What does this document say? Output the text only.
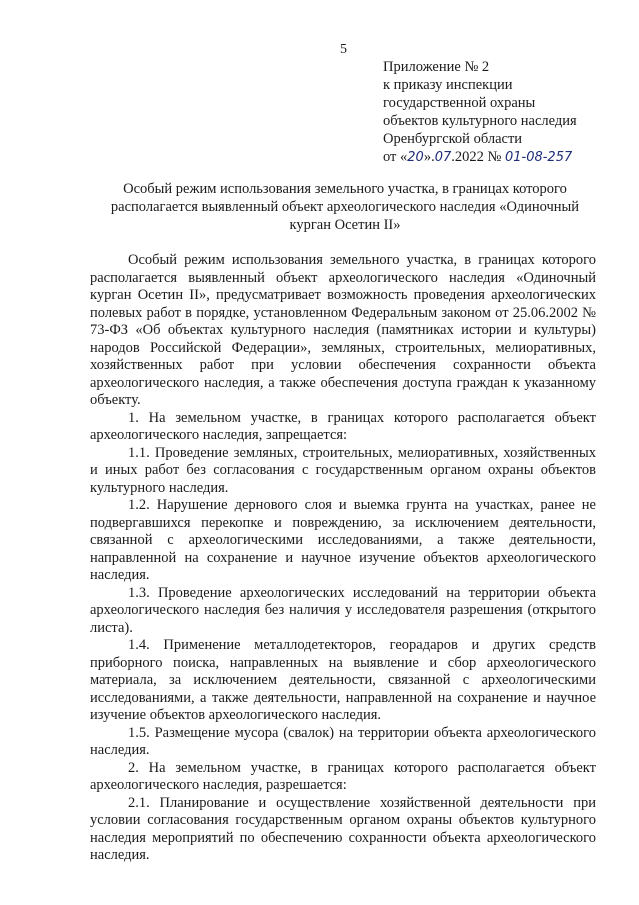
5
Приложение № 2
к приказу инспекции
государственной охраны
объектов культурного наследия
Оренбургской области
от «20».07.2022 № 01-08-257
Особый режим использования земельного участка, в границах которого располагается выявленный объект археологического наследия «Одиночный курган Осетин II»

Особый режим использования земельного участка, в границах которого располагается выявленный объект археологического наследия «Одиночный курган Осетин II», предусматривает возможность проведения археологических полевых работ в порядке, установленном Федеральным законом от 25.06.2002 № 73-ФЗ «Об объектах культурного наследия (памятниках истории и культуры) народов Российской Федерации», земляных, строительных, мелиоративных, хозяйственных работ при условии обеспечения сохранности объекта археологического наследия, а также обеспечения доступа граждан к указанному объекту.

1. На земельном участке, в границах которого располагается объект археологического наследия, запрещается:

1.1. Проведение земляных, строительных, мелиоративных, хозяйственных и иных работ без согласования с государственным органом охраны объектов культурного наследия.

1.2. Нарушение дернового слоя и выемка грунта на участках, ранее не подвергавшихся перекопке и повреждению, за исключением деятельности, связанной с археологическими исследованиями, а также деятельности, направленной на сохранение и научное изучение объектов археологического наследия.

1.3. Проведение археологических исследований на территории объекта археологического наследия без наличия у исследователя разрешения (открытого листа).

1.4. Применение металлодетекторов, георадаров и других средств приборного поиска, направленных на выявление и сбор археологического материала, за исключением деятельности, связанной с археологическими исследованиями, а также деятельности, направленной на сохранение и научное изучение объектов археологического наследия.

1.5. Размещение мусора (свалок) на территории объекта археологического наследия.

2. На земельном участке, в границах которого располагается объект археологического наследия, разрешается:

2.1. Планирование и осуществление хозяйственной деятельности при условии согласования государственным органом охраны объектов культурного наследия мероприятий по обеспечению сохранности объекта археологического наследия.
